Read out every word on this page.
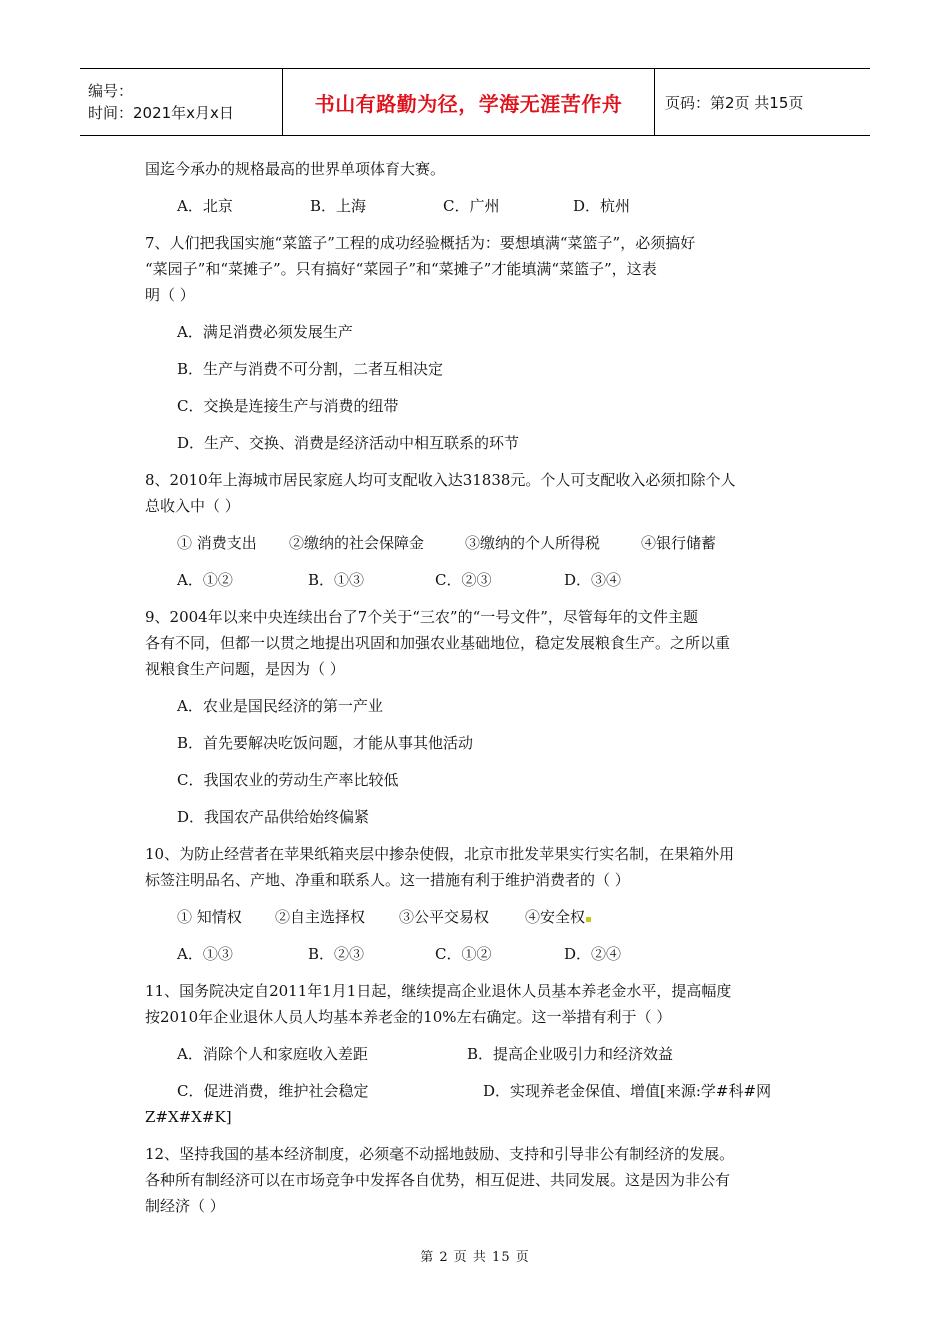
编号：
时间：2021年x月x日	书山有路勤为径，学海无涯苦作舟	页码：第2页 共15页

国迄今承办的规格最高的世界单项体育大赛。

A．北京	B．上海	C．广州	D．杭州

7、人们把我国实施“菜篮子”工程的成功经验概括为：要想填满“菜篮子”，必须搞好

“菜园子”和“菜摊子”。只有搞好“菜园子”和“菜摊子”才能填满“菜篮子”，这表

明（ ）

A．满足消费必须发展生产

B．生产与消费不可分割，二者互相决定

C．交换是连接生产与消费的纽带

D．生产、交换、消费是经济活动中相互联系的环节

8、2010年上海城市居民家庭人均可支配收入达31838元。个人可支配收入必须扣除个人

总收入中（ ）

① 消费支出	②缴纳的社会保障金	③缴纳的个人所得税	④银行储蓄
A．①②	B．①③	C．②③	D．③④

9、2004年以来中央连续出台了7个关于“三农”的“一号文件”，尽管每年的文件主题

各有不同，但都一以贯之地提出巩固和加强农业基础地位，稳定发展粮食生产。之所以重

视粮食生产问题，是因为（ ）

A．农业是国民经济的第一产业

B．首先要解决吃饭问题，才能从事其他活动

C．我国农业的劳动生产率比较低

D．我国农产品供给始终偏紧

10、为防止经营者在苹果纸箱夹层中掺杂使假，北京市批发苹果实行实名制，在果箱外用

标签注明品名、产地、净重和联系人。这一措施有利于维护消费者的（ ）

① 知情权	②自主选择权	③公平交易权	④安全权
A．①③	B．②③	C．①②	D．②④

11、国务院决定自2011年1月1日起，继续提高企业退休人员基本养老金水平，提高幅度

按2010年企业退休人员人均基本养老金的10%左右确定。这一举措有利于（ ）

A．消除个人和家庭收入差距	B．提高企业吸引力和经济效益
C．促进消费，维护社会稳定	D．实现养老金保值、增值[来源:学#科#网

Z#X#X#K]

12、坚持我国的基本经济制度，必须毫不动摇地鼓励、支持和引导非公有制经济的发展。

各种所有制经济可以在市场竞争中发挥各自优势，相互促进、共同发展。这是因为非公有

制经济（ ）

第 2 页 共 15 页
